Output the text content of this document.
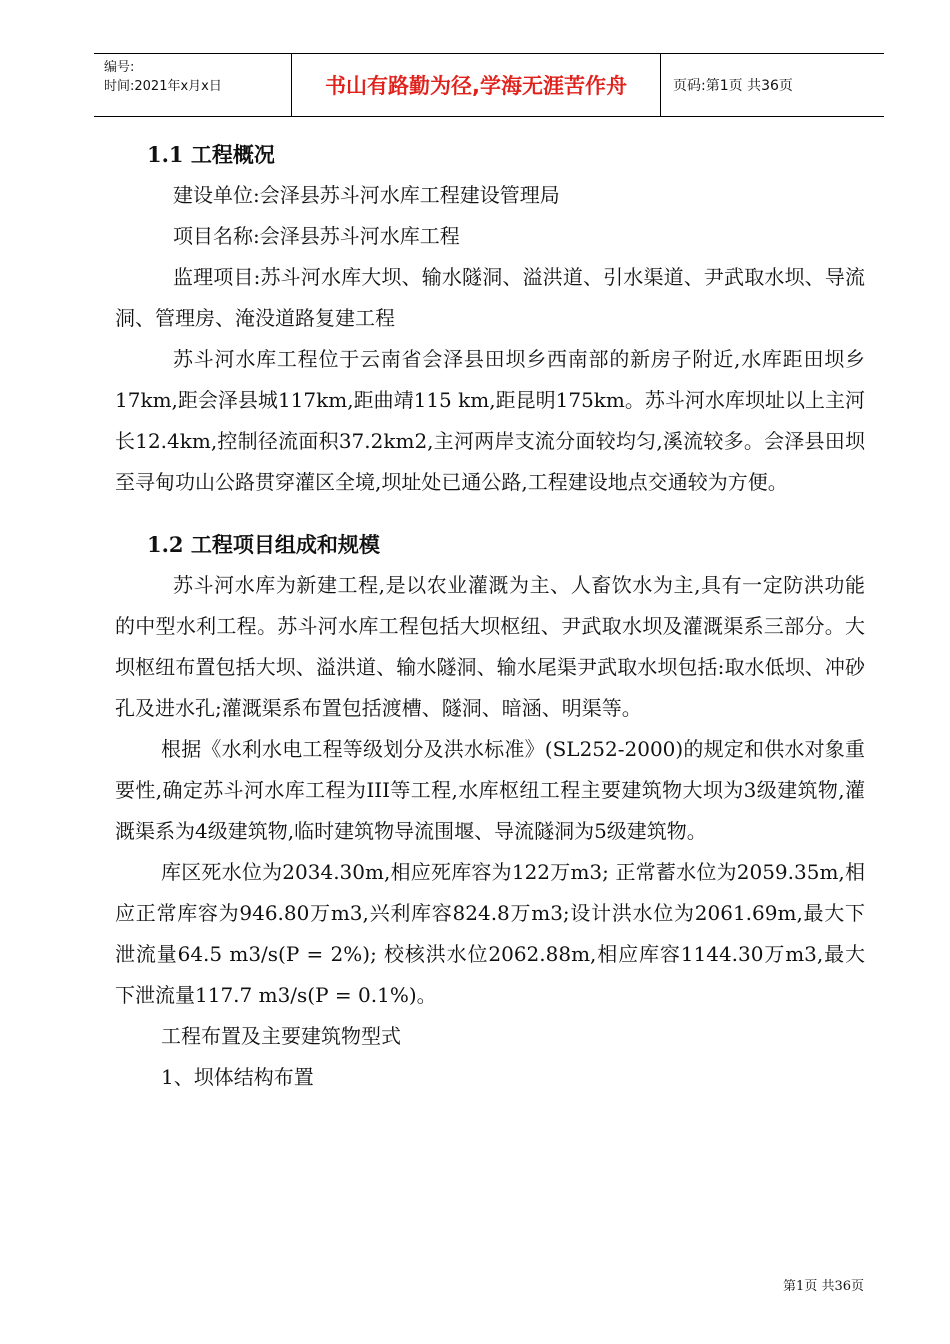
编号:
时间:2021年x月x日	书山有路勤为径,学海无涯苦作舟	页码:第1页 共36页
1.1 工程概况

建设单位:会泽县苏斗河水库工程建设管理局

项目名称:会泽县苏斗河水库工程

监理项目:苏斗河水库大坝、输水隧洞、溢洪道、引水渠道、尹武取水坝、导流洞、管理房、淹没道路复建工程

苏斗河水库工程位于云南省会泽县田坝乡西南部的新房子附近,水库距田坝乡17km,距会泽县城117km,距曲靖115 km,距昆明175km。苏斗河水库坝址以上主河长12.4km,控制径流面积37.2km2,主河两岸支流分面较均匀,溪流较多。会泽县田坝至寻甸功山公路贯穿灌区全境,坝址处已通公路,工程建设地点交通较为方便。

1.2 工程项目组成和规模

苏斗河水库为新建工程,是以农业灌溉为主、人畜饮水为主,具有一定防洪功能的中型水利工程。苏斗河水库工程包括大坝枢纽、尹武取水坝及灌溉渠系三部分。大坝枢纽布置包括大坝、溢洪道、输水隧洞、输水尾渠尹武取水坝包括:取水低坝、冲砂孔及进水孔;灌溉渠系布置包括渡槽、隧洞、暗涵、明渠等。

根据《水利水电工程等级划分及洪水标准》(SL252-2000)的规定和供水对象重要性,确定苏斗河水库工程为III等工程,水库枢纽工程主要建筑物大坝为3级建筑物,灌溉渠系为4级建筑物,临时建筑物导流围堰、导流隧洞为5级建筑物。

库区死水位为2034.30m,相应死库容为122万m3; 正常蓄水位为2059.35m,相应正常库容为946.80万m3,兴利库容824.8万m3;设计洪水位为2061.69m,最大下泄流量64.5 m3/s(P = 2%); 校核洪水位2062.88m,相应库容1144.30万m3,最大下泄流量117.7 m3/s(P = 0.1%)。

工程布置及主要建筑物型式

1、坝体结构布置

第1页 共36页
